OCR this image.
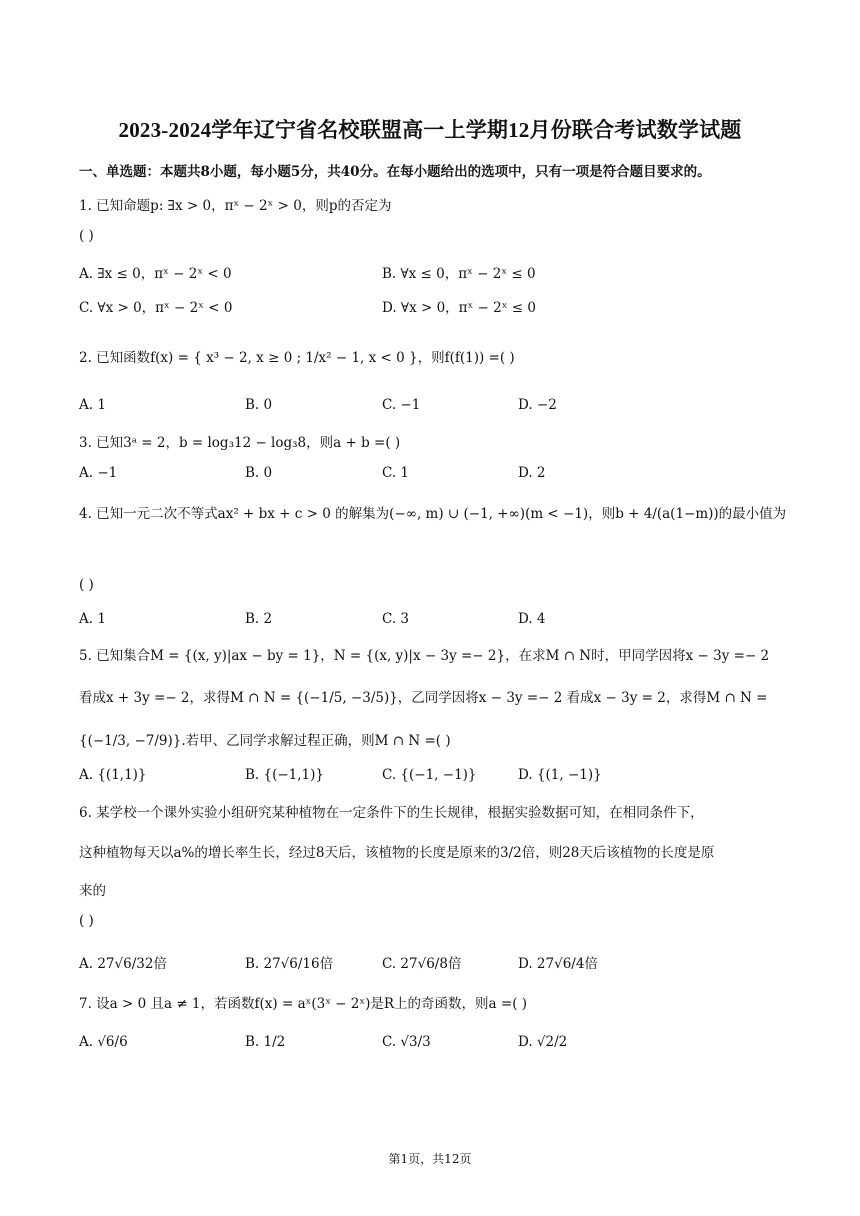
2023-2024学年辽宁省名校联盟高一上学期12月份联合考试数学试题
一、单选题：本题共8小题，每小题5分，共40分。在每小题给出的选项中，只有一项是符合题目要求的。
1. 已知命题p: ∃x > 0，πˣ − 2ˣ > 0，则p的否定为
( )
A. ∃x ≤ 0，πˣ − 2ˣ < 0	B. ∀x ≤ 0，πˣ − 2ˣ ≤ 0
C. ∀x > 0，πˣ − 2ˣ < 0	D. ∀x > 0，πˣ − 2ˣ ≤ 0
2. 已知函数f(x) = { x³ − 2, x ≥ 0 ; 1/x² − 1, x < 0 }，则f(f(1)) =( )
A. 1	B. 0	C. −1	D. −2
3. 已知3ᵃ = 2，b = log₃12 − log₃8，则a + b =( )
A. −1	B. 0	C. 1	D. 2
4. 已知一元二次不等式ax² + bx + c > 0 的解集为(−∞, m) ∪ (−1, +∞)(m < −1)，则b + 4/(a(1−m))的最小值为
( )
A. 1	B. 2	C. 3	D. 4
5. 已知集合M = {(x, y)|ax − by = 1}，N = {(x, y)|x − 3y =− 2}，在求M ∩ N时，甲同学因将x − 3y =− 2
看成x + 3y =− 2，求得M ∩ N = {(−1/5, −3/5)}，乙同学因将x − 3y =− 2 看成x − 3y = 2，求得M ∩ N =
{(−1/3, −7/9)}.若甲、乙同学求解过程正确，则M ∩ N =( )
A. {(1,1)}	B. {(−1,1)}	C. {(−1, −1)}	D. {(1, −1)}
6. 某学校一个课外实验小组研究某种植物在一定条件下的生长规律，根据实验数据可知，在相同条件下，
这种植物每天以a%的增长率生长，经过8天后，该植物的长度是原来的3/2倍，则28天后该植物的长度是原
来的
( )
A. 27√6/32倍	B. 27√6/16倍	C. 27√6/8倍	D. 27√6/4倍
7. 设a > 0 且a ≠ 1，若函数f(x) = aˣ(3ˣ − 2ˣ)是R上的奇函数，则a =( )
A. √6/6	B. 1/2	C. √3/3	D. √2/2
第1页，共12页
